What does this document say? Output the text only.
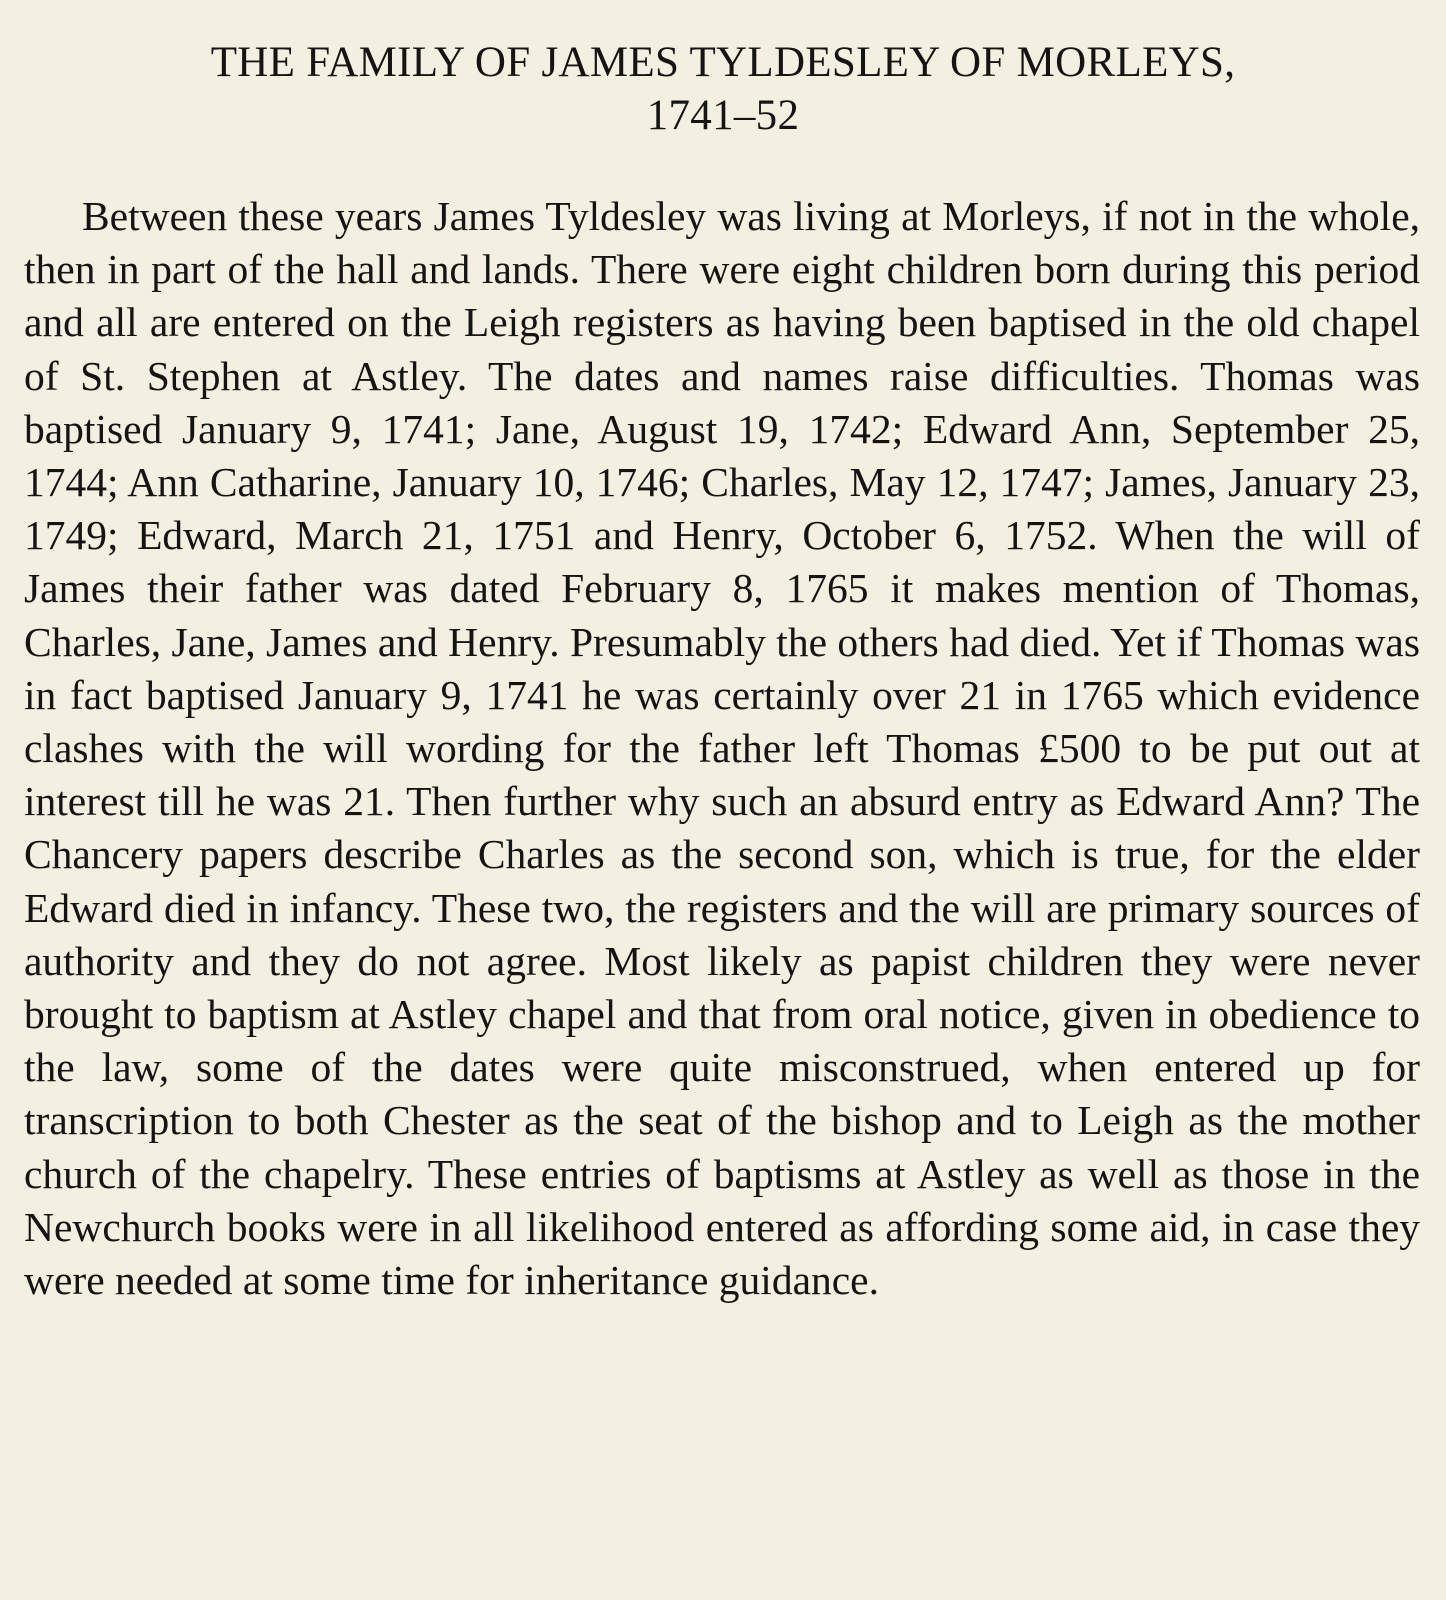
THE FAMILY OF JAMES TYLDESLEY OF MORLEYS,
1741–52

Between these years James Tyldesley was living at Morleys, if not in the whole, then in part of the hall and lands. There were eight children born during this period and all are entered on the Leigh registers as having been baptised in the old chapel of St. Stephen at Astley. The dates and names raise difficulties. Thomas was baptised January 9, 1741; Jane, August 19, 1742; Edward Ann, September 25, 1744; Ann Catharine, January 10, 1746; Charles, May 12, 1747; James, January 23, 1749; Edward, March 21, 1751 and Henry, October 6, 1752. When the will of James their father was dated February 8, 1765 it makes mention of Thomas, Charles, Jane, James and Henry. Presumably the others had died. Yet if Thomas was in fact baptised January 9, 1741 he was certainly over 21 in 1765 which evidence clashes with the will wording for the father left Thomas £500 to be put out at interest till he was 21. Then further why such an absurd entry as Edward Ann? The Chancery papers describe Charles as the second son, which is true, for the elder Edward died in infancy. These two, the registers and the will are primary sources of authority and they do not agree. Most likely as papist children they were never brought to baptism at Astley chapel and that from oral notice, given in obedience to the law, some of the dates were quite misconstrued, when entered up for transcription to both Chester as the seat of the bishop and to Leigh as the mother church of the chapelry. These entries of baptisms at Astley as well as those in the Newchurch books were in all likelihood entered as affording some aid, in case they were needed at some time for inheritance guidance.
